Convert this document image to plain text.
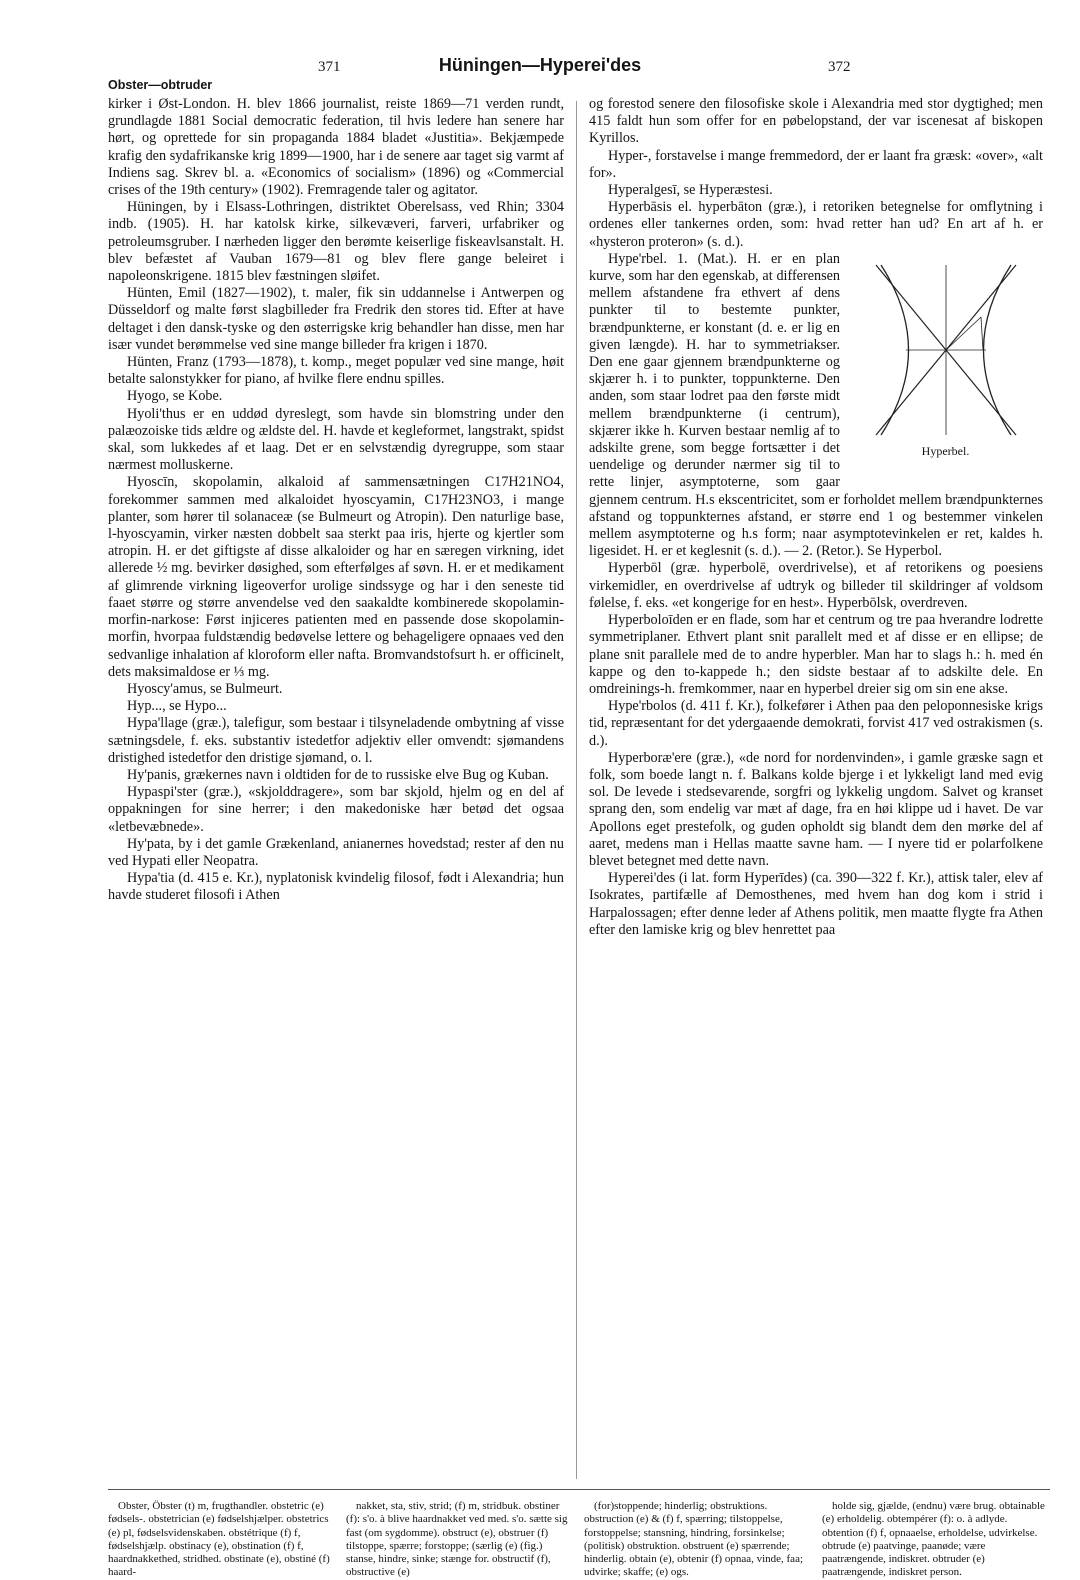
371	Hüningen—Hyperei'des	372
Obster—obtruder

kirker i Øst-London. H. blev 1866 journalist, reiste 1869—71 verden rundt, grundlagde 1881 Social democratic federation, til hvis ledere han senere har hørt, og oprettede for sin propaganda 1884 bladet «Justitia». Bekjæmpede krafig den sydafrikanske krig 1899—1900, har i de senere aar taget sig varmt af Indiens sag. Skrev bl. a. «Economics of socialism» (1896) og «Commercial crises of the 19th century» (1902). Fremragende taler og agitator.

Hüningen, by i Elsass-Lothringen, distriktet Oberelsass, ved Rhin; 3304 indb. (1905). H. har katolsk kirke, silkevæveri, farveri, urfabriker og petroleumsgruber. I nærheden ligger den berømte keiserlige fiskeavlsanstalt. H. blev befæstet af Vauban 1679—81 og blev flere gange beleiret i napoleonskrigene. 1815 blev fæstningen sløifet.

Hünten, Emil (1827—1902), t. maler, fik sin uddannelse i Antwerpen og Düsseldorf og malte først slagbilleder fra Fredrik den stores tid. Efter at have deltaget i den dansk-tyske og den østerrigske krig behandler han disse, men har især vundet berømmelse ved sine mange billeder fra krigen i 1870.

Hünten, Franz (1793—1878), t. komp., meget populær ved sine mange, høit betalte salonstykker for piano, af hvilke flere endnu spilles.

Hyogo, se Kobe.

Hyoli'thus er en uddød dyreslegt, som havde sin blomstring under den palæozoiske tids ældre og ældste del. H. havde et kegleformet, langstrakt, spidst skal, som lukkedes af et laag. Det er en selvstændig dyregruppe, som staar nærmest molluskerne.

Hyoscīn, skopolamin, alkaloid af sammensætningen C17H21NO4, forekommer sammen med alkaloidet hyoscyamin, C17H23NO3, i mange planter, som hører til solanaceæ (se Bulmeurt og Atropin). Den naturlige base, l-hyoscyamin, virker næsten dobbelt saa sterkt paa iris, hjerte og kjertler som atropin. H. er det giftigste af disse alkaloider og har en særegen virkning, idet allerede ½ mg. bevirker døsighed, som efterfølges af søvn. H. er et medikament af glimrende virkning ligeoverfor urolige sindssyge og har i den seneste tid faaet større og større anvendelse ved den saakaldte kombinerede skopolamin-morfin-narkose: Først injiceres patienten med en passende dose skopolamin-morfin, hvorpaa fuldstændig bedøvelse lettere og behageligere opnaaes ved den sedvanlige inhalation af kloroform eller nafta. Bromvandstofsurt h. er officinelt, dets maksimaldose er ⅓ mg.

Hyoscy'amus, se Bulmeurt.

Hyp..., se Hypo...

Hypa'llage (græ.), talefigur, som bestaar i tilsyneladende ombytning af visse sætningsdele, f. eks. substantiv istedetfor adjektiv eller omvendt: sjømandens dristighed istedetfor den dristige sjømand, o. l.

Hy'panis, grækernes navn i oldtiden for de to russiske elve Bug og Kuban.

Hypaspi'ster (græ.), «skjolddragere», som bar skjold, hjelm og en del af oppakningen for sine herrer; i den makedoniske hær betød det ogsaa «letbevæbnede».

Hy'pata, by i det gamle Grækenland, anianernes hovedstad; rester af den nu ved Hypati eller Neopatra.

Hypa'tia (d. 415 e. Kr.), nyplatonisk kvindelig filosof, født i Alexandria; hun havde studeret filosofi i Athen

og forestod senere den filosofiske skole i Alexandria med stor dygtighed; men 415 faldt hun som offer for en pøbelopstand, der var iscenesat af biskopen Kyrillos.

Hyper-, forstavelse i mange fremmedord, der er laant fra græsk: «over», «alt for».

Hyperalgesī, se Hyperæstesi.

Hyperbāsis el. hyperbāton (græ.), i retoriken betegnelse for omflytning i ordenes eller tankernes orden, som: hvad retter han ud? En art af h. er «hysteron proteron» (s. d.).

Hyperbel.

Hype'rbel. 1. (Mat.). H. er en plan kurve, som har den egenskab, at differensen mellem afstandene fra ethvert af dens punkter til to bestemte punkter, brændpunkterne, er konstant (d. e. er lig en given længde). H. har to symmetriakser. Den ene gaar gjennem brændpunkterne og skjærer h. i to punkter, toppunkterne. Den anden, som staar lodret paa den første midt mellem brændpunkterne (i centrum), skjærer ikke h. Kurven bestaar nemlig af to adskilte grene, som begge fortsætter i det uendelige og derunder nærmer sig til to rette linjer, asymptoterne, som gaar gjennem centrum. H.s ekscentricitet, som er forholdet mellem brændpunkternes afstand og toppunkternes afstand, er større end 1 og bestemmer vinkelen mellem asymptoterne og h.s form; naar asymptotevinkelen er ret, kaldes h. ligesidet. H. er et keglesnit (s. d.). — 2. (Retor.). Se Hyperbol.

Hyperbōl (græ. hyperbolē, overdrivelse), et af retorikens og poesiens virkemidler, en overdrivelse af udtryk og billeder til skildringer af voldsom følelse, f. eks. «et kongerige for en hest». Hyperbōlsk, overdreven.

Hyperboloīden er en flade, som har et centrum og tre paa hverandre lodrette symmetriplaner. Ethvert plant snit parallelt med et af disse er en ellipse; de plane snit parallele med de to andre hyperbler. Man har to slags h.: h. med én kappe og den to-kappede h.; den sidste bestaar af to adskilte dele. En omdreinings-h. fremkommer, naar en hyperbel dreier sig om sin ene akse.

Hype'rbolos (d. 411 f. Kr.), folkefører i Athen paa den peloponnesiske krigs tid, repræsentant for det ydergaaende demokrati, forvist 417 ved ostrakismen (s. d.).

Hyperboræ'ere (græ.), «de nord for nordenvinden», i gamle græske sagn et folk, som boede langt n. f. Balkans kolde bjerge i et lykkeligt land med evig sol. De levede i stedsevarende, sorgfri og lykkelig ungdom. Salvet og kranset sprang den, som endelig var mæt af dage, fra en høi klippe ud i havet. De var Apollons eget prestefolk, og guden opholdt sig blandt dem den mørke del af aaret, medens man i Hellas maatte savne ham. — I nyere tid er polarfolkene blevet betegnet med dette navn.

Hyperei'des (i lat. form Hyperīdes) (ca. 390—322 f. Kr.), attisk taler, elev af Isokrates, partifælle af Demosthenes, med hvem han dog kom i strid i Harpalossagen; efter denne leder af Athens politik, men maatte flygte fra Athen efter den lamiske krig og blev henrettet paa

Obster, Öbster (t) m, frugthandler. obstetric (e) fødsels-. obstetrician (e) fødselshjælper. obstetrics (e) pl, fødselsvidenskaben. obstétrique (f) f, fødselshjælp. obstinacy (e), obstination (f) f, haardnakkethed, stridhed. obstinate (e), obstiné (f) haard-

nakket, sta, stiv, strid; (f) m, stridbuk. obstiner (f): s'o. à blive haardnakket ved med. s'o. sætte sig fast (om sygdomme). obstruct (e), obstruer (f) tilstoppe, spærre; forstoppe; (særlig (e) (fig.) stanse, hindre, sinke; stænge for. obstructif (f), obstructive (e)

(for)stoppende; hinderlig; obstruktions. obstruction (e) & (f) f, spærring; tilstoppelse, forstoppelse; stansning, hindring, forsinkelse; (politisk) obstruktion. obstruent (e) spærrende; hinderlig. obtain (e), obtenir (f) opnaa, vinde, faa; udvirke; skaffe; (e) ogs.

holde sig, gjælde, (endnu) være brug. obtainable (e) erholdelig. obtempérer (f): o. à adlyde. obtention (f) f, opnaaelse, erholdelse, udvirkelse. obtrude (e) paatvinge, paanøde; være paatrængende, indiskret. obtruder (e) paatrængende, indiskret person.
